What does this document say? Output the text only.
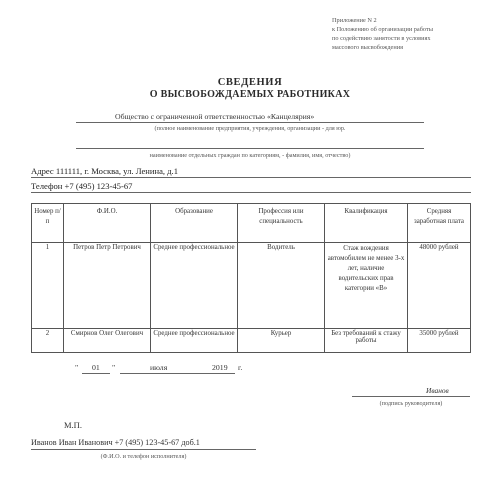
Приложение N 2
к Положению об организации работы
по содействию занятости в условиях
массового высвобождения
СВЕДЕНИЯ
О ВЫСВОБОЖДАЕМЫХ РАБОТНИКАХ
Общество с ограниченной ответственностью «Канцелярия»
(полное наименование предприятия, учреждения, организации - для юр.
наименование отдельных граждан по категориям, - фамилия, имя, отчество)
Адрес 111111, г. Москва, ул. Ленина, д.1
Телефон +7 (495) 123-45-67
Номер п/п	Ф.И.О.	Образование	Профессия или специальность	Квалификация	Средняя заработная плата
1	Петров Петр Петрович	Среднее профессиональное	Водитель	Стаж вождения автомобилем не менее 3-х лет, наличие водительских прав категории «В»	48000 рублей
2	Смирнов Олег Олегович	Среднее профессиональное	Курьер	Без требований к стажу работы	35000 рублей
" 01 "	июля	2019 г.
Иванов
(подпись руководителя)
М.П.
Иванов Иван Иванович +7 (495) 123-45-67 доб.1
(Ф.И.О. и телефон исполнителя)
